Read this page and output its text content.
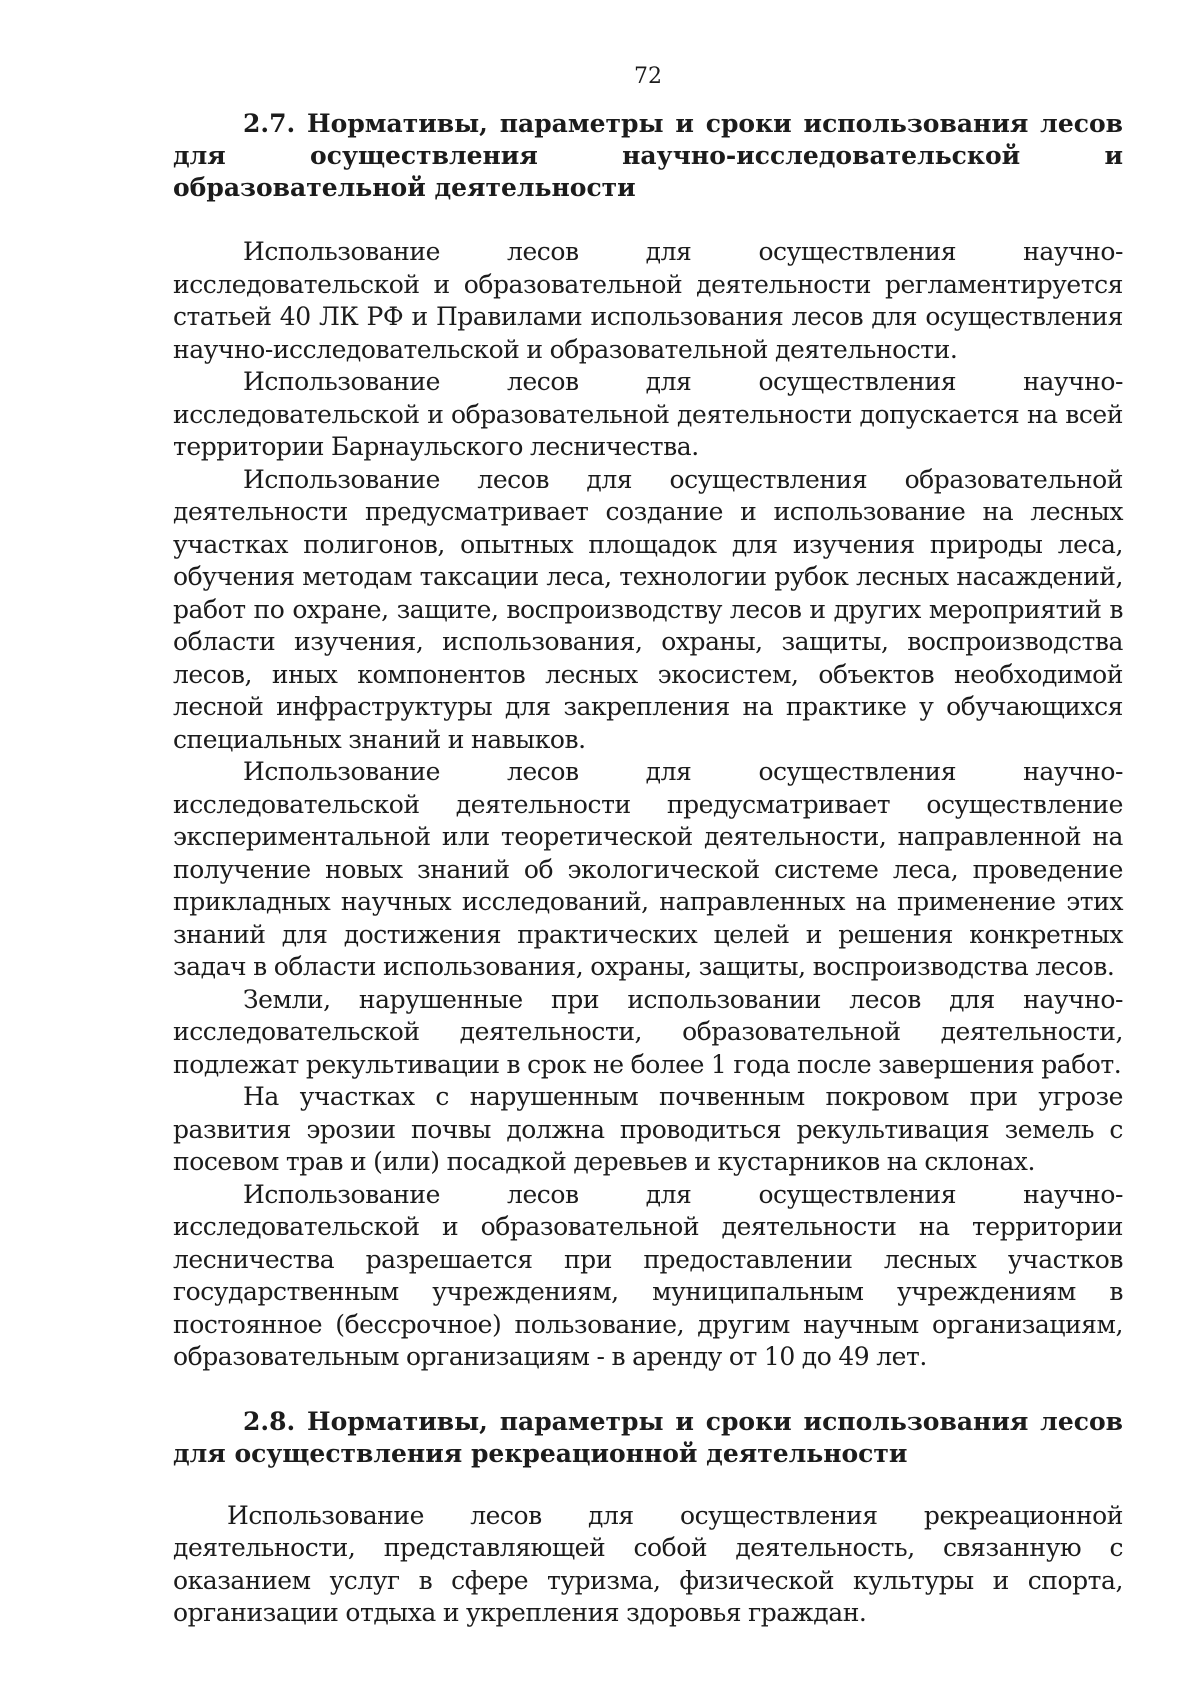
72
2.7. Нормативы, параметры и сроки использования лесов для осуществления научно-исследовательской и образовательной деятельности

Использование лесов для осуществления научно-исследовательской и образовательной деятельности регламентируется статьей 40 ЛК РФ и Правилами использования лесов для осуществления научно-исследовательской и образовательной деятельности.

Использование лесов для осуществления научно-исследовательской и образовательной деятельности допускается на всей территории Барнаульского лесничества.

Использование лесов для осуществления образовательной деятельности предусматривает создание и использование на лесных участках полигонов, опытных площадок для изучения природы леса, обучения методам таксации леса, технологии рубок лесных насаждений, работ по охране, защите, воспроизводству лесов и других мероприятий в области изучения, использования, охраны, защиты, воспроизводства лесов, иных компонентов лесных экосистем, объектов необходимой лесной инфраструктуры для закрепления на практике у обучающихся специальных знаний и навыков.

Использование лесов для осуществления научно-исследовательской деятельности предусматривает осуществление экспериментальной или теоретической деятельности, направленной на получение новых знаний об экологической системе леса, проведение прикладных научных исследований, направленных на применение этих знаний для достижения практических целей и решения конкретных задач в области использования, охраны, защиты, воспроизводства лесов.

Земли, нарушенные при использовании лесов для научно-исследовательской деятельности, образовательной деятельности, подлежат рекультивации в срок не более 1 года после завершения работ.

На участках с нарушенным почвенным покровом при угрозе развития эрозии почвы должна проводиться рекультивация земель с посевом трав и (или) посадкой деревьев и кустарников на склонах.

Использование лесов для осуществления научно-исследовательской и образовательной деятельности на территории лесничества разрешается при предоставлении лесных участков государственным учреждениям, муниципальным учреждениям в постоянное (бессрочное) пользование, другим научным организациям, образовательным организациям - в аренду от 10 до 49 лет.

2.8. Нормативы, параметры и сроки использования лесов для осуществления рекреационной деятельности

Использование лесов для осуществления рекреационной деятельности, представляющей собой деятельность, связанную с оказанием услуг в сфере туризма, физической культуры и спорта, организации отдыха и укрепления здоровья граждан.
